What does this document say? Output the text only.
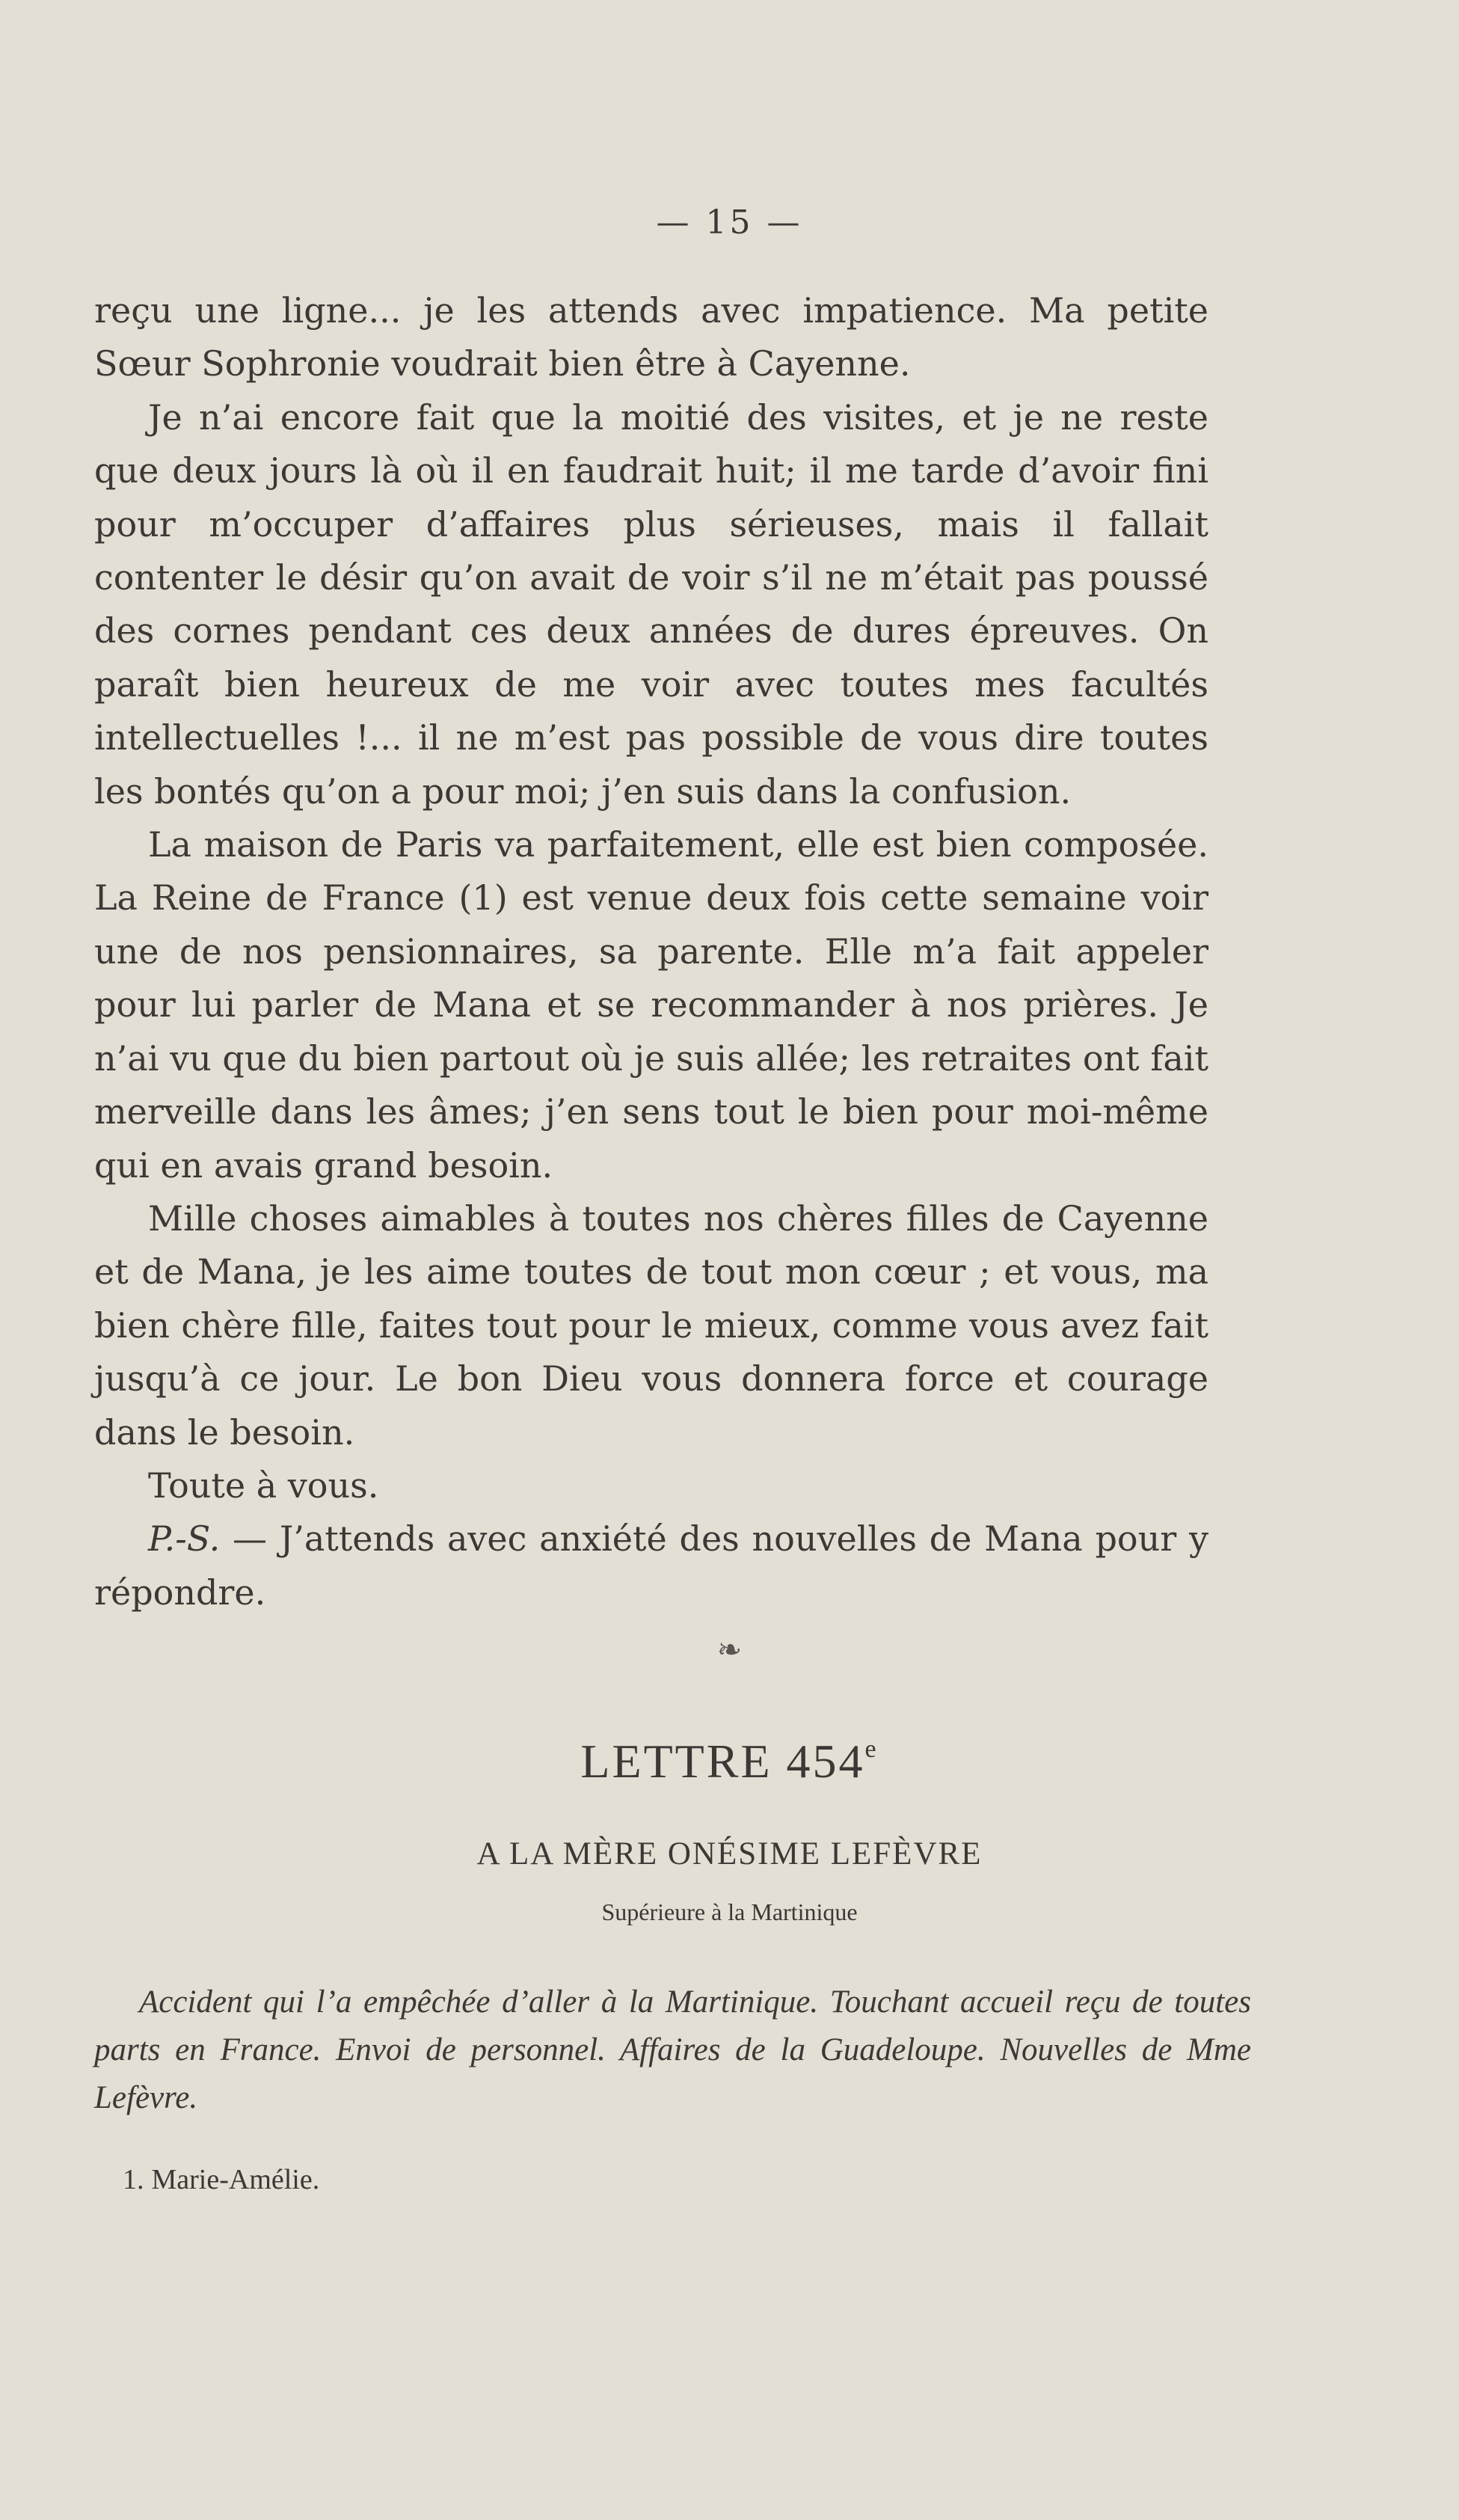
— 15 —

reçu une ligne... je les attends avec impatience. Ma petite Sœur Sophronie voudrait bien être à Cayenne.

Je n’ai encore fait que la moitié des visites, et je ne reste que deux jours là où il en faudrait huit; il me tarde d’avoir fini pour m’occuper d’affaires plus sérieuses, mais il fallait contenter le désir qu’on avait de voir s’il ne m’était pas poussé des cornes pendant ces deux années de dures épreuves. On paraît bien heureux de me voir avec toutes mes facultés intellectuelles !... il ne m’est pas possible de vous dire toutes les bontés qu’on a pour moi; j’en suis dans la confusion.

La maison de Paris va parfaitement, elle est bien composée. La Reine de France (1) est venue deux fois cette semaine voir une de nos pensionnaires, sa parente. Elle m’a fait appeler pour lui parler de Mana et se recommander à nos prières. Je n’ai vu que du bien partout où je suis allée; les retraites ont fait merveille dans les âmes; j’en sens tout le bien pour moi-même qui en avais grand besoin.

Mille choses aimables à toutes nos chères filles de Cayenne et de Mana, je les aime toutes de tout mon cœur ; et vous, ma bien chère fille, faites tout pour le mieux, comme vous avez fait jusqu’à ce jour. Le bon Dieu vous donnera force et courage dans le besoin.

Toute à vous.

P.-S. — J’attends avec anxiété des nouvelles de Mana pour y répondre.

❧
LETTRE 454e
A LA MÈRE ONÉSIME LEFÈVRE
Supérieure à la Martinique
Accident qui l’a empêchée d’aller à la Martinique. Touchant accueil reçu de toutes parts en France. Envoi de personnel. Affaires de la Guadeloupe. Nouvelles de Mme Lefèvre.
1. Marie-Amélie.
